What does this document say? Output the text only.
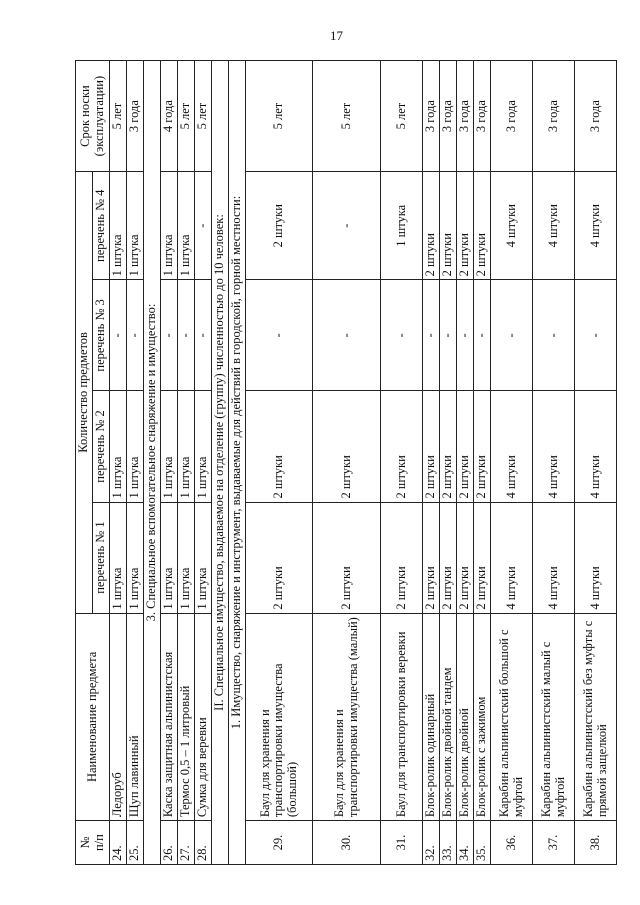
17
№
п/п	Наименование предмета	Количество предметов				Срок носки
(эксплуатации)
		перечень № 1	перечень № 2	перечень № 3	перечень № 4	
24.	Ледоруб	1 штука	1 штука	-	1 штука	5 лет
25.	Щуп лавинный	1 штука	1 штука	-	1 штука	3 года
3. Специальное вспомогательное снаряжение и имущество:						
26.	Каска защитная альпинистская	1 штука	1 штука	-	1 штука	4 года
27.	Термос 0,5 – 1 литровый	1 штука	1 штука	-	1 штука	5 лет
28.	Сумка для веревки	1 штука	1 штука	-	-	5 лет
II. Специальное имущество, выдаваемое на отделение (группу) численностью до 10 человек:						
1. Имущество, снаряжение и инструмент, выдаваемые для действий в городской, горной местности:						
29.	Баул для хранения и транспортировки имущества (большой)	2 штуки	2 штуки	-	2 штуки	5 лет
30.	Баул для хранения и транспортировки имущества (малый)	2 штуки	2 штуки	-	-	5 лет
31.	Баул для транспортировки веревки	2 штуки	2 штуки	-	1 штука	5 лет
32.	Блок-ролик одинарный	2 штуки	2 штуки	-	2 штуки	3 года
33.	Блок-ролик двойной тандем	2 штуки	2 штуки	-	2 штуки	3 года
34.	Блок-ролик двойной	2 штуки	2 штуки	-	2 штуки	3 года
35.	Блок-ролик с зажимом	2 штуки	2 штуки	-	2 штуки	3 года
36.	Карабин альпинистский большой с муфтой	4 штуки	4 штуки	-	4 штуки	3 года
37.	Карабин альпинистский малый с муфтой	4 штуки	4 штуки	-	4 штуки	3 года
38.	Карабин альпинистский без муфты с прямой защелкой	4 штуки	4 штуки	-	4 штуки	3 года
